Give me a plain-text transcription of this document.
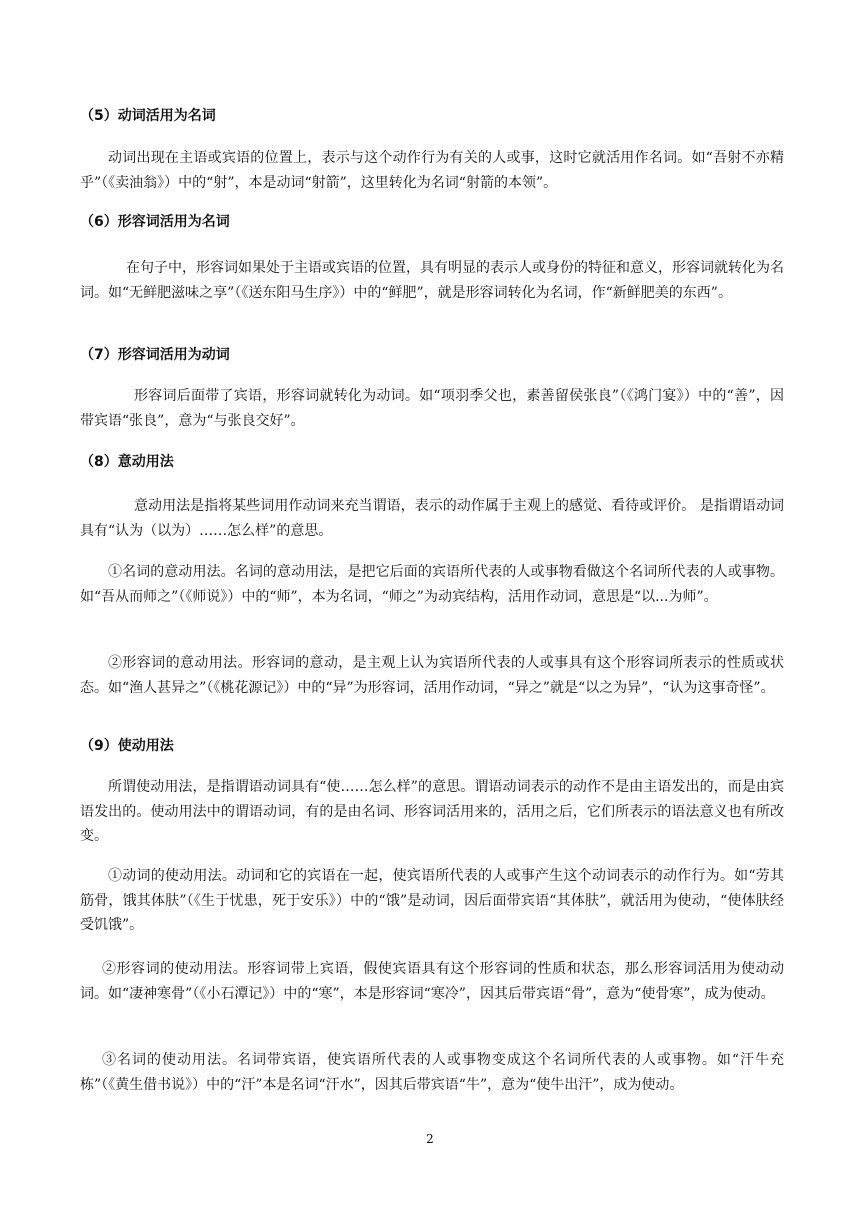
（5）动词活用为名词
动词出现在主语或宾语的位置上，表示与这个动作行为有关的人或事，这时它就活用作名词。如“吾射不亦精乎”（《卖油翁》）中的“射”，本是动词“射箭”，这里转化为名词“射箭的本领”。
（6）形容词活用为名词
在句子中，形容词如果处于主语或宾语的位置，具有明显的表示人或身份的特征和意义，形容词就转化为名词。如“无鲜肥滋味之享”（《送东阳马生序》）中的“鲜肥”，就是形容词转化为名词，作“新鲜肥美的东西”。
（7）形容词活用为动词
形容词后面带了宾语，形容词就转化为动词。如“项羽季父也，素善留侯张良”（《鸿门宴》）中的“善”，因带宾语“张良”，意为“与张良交好”。
（8）意动用法
意动用法是指将某些词用作动词来充当谓语，表示的动作属于主观上的感觉、看待或评价。 是指谓语动词具有“认为（以为）……怎么样”的意思。
①名词的意动用法。名词的意动用法，是把它后面的宾语所代表的人或事物看做这个名词所代表的人或事物。如“吾从而师之”（《师说》）中的“师”，本为名词，“师之”为动宾结构，活用作动词，意思是“以...为师”。
②形容词的意动用法。形容词的意动，是主观上认为宾语所代表的人或事具有这个形容词所表示的性质或状态。如“渔人甚异之”（《桃花源记》）中的“异”为形容词，活用作动词，“异之”就是“以之为异”，“认为这事奇怪”。
（9）使动用法
所谓使动用法，是指谓语动词具有“使……怎么样”的意思。谓语动词表示的动作不是由主语发出的，而是由宾语发出的。使动用法中的谓语动词，有的是由名词、形容词活用来的，活用之后，它们所表示的语法意义也有所改变。
①动词的使动用法。动词和它的宾语在一起，使宾语所代表的人或事产生这个动词表示的动作行为。如“劳其筋骨，饿其体肤”（《生于忧患，死于安乐》）中的“饿”是动词，因后面带宾语“其体肤”，就活用为使动，“使体肤经受饥饿”。
②形容词的使动用法。形容词带上宾语，假使宾语具有这个形容词的性质和状态，那么形容词活用为使动动词。如“凄神寒骨”（《小石潭记》）中的“寒”，本是形容词“寒冷”，因其后带宾语“骨”，意为“使骨寒”，成为使动。
③名词的使动用法。名词带宾语，使宾语所代表的人或事物变成这个名词所代表的人或事物。如“汗牛充栋”（《黄生借书说》）中的“汗”本是名词“汗水”，因其后带宾语“牛”，意为“使牛出汗”，成为使动。
2
